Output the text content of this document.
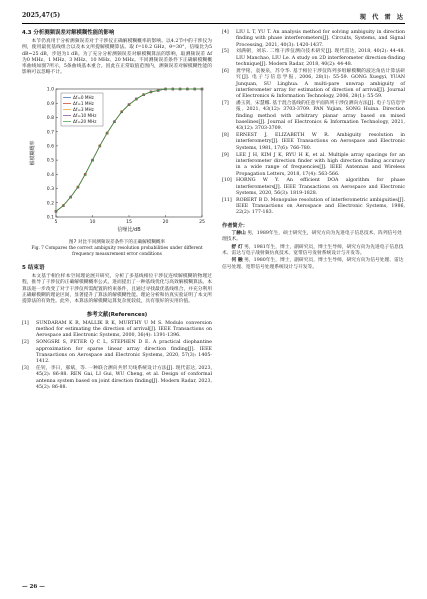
2025,47(5)	现 代 雷 达
4.3 分析测频误差对解模糊性能的影响

本节仍真用于分析测频误差对于干涉仪正确解模糊概率的影响。以4.2节中的干涉仪为例，使用最优基线组合以及本文所提解模糊算法。取 f=10.2 GHz，θ=30°，信噪比为5 dB~25 dB，步进为1 dB。为了充分分析测频误差对解模糊算法的影响，取测频误差 Δf 为0 MHz、1 MHz、3 MHz、10 MHz、20 MHz。不同测频误差条件下正确解模糊概率曲线如图7所示，5条曲线基本重合。因此在正常取值范围内，测频误差对解模糊性能的影响可以忽略不计。

5	10	15	20	25
0.1
0.2
0.3
0.4
0.5
0.6
0.7
0.8
0.9
1.0
信噪比/dB
解模糊概率
Δf=0 MHz
Δf=1 MHz
Δf=3 MHz
Δf=10 MHz
Δf=20 MHz
图7 对比不同测频误差条件下的正确解模糊概率
Fig. 7 Compares the correct ambiguity resolution probabilities under different frequency measurement error conditions
5 结束语

本文基于相位样本空间理论展开研究，分析了多基线相位干涉仪连续解模糊的物理过程，推导了干涉仪的正确解模糊概率公式，进而提出了一种基线优化与高效解模糊算法。本算法进一步改变了对于干涉仪所需配置的约束条件，且通过寻找最优基线组合，并充分利用正确解模糊的理论区间，显著提升了算法的解模糊性能。理论分析和仿真实验证明了本文所提算法的有效性。此外，本算法的解模糊运算复杂度较低，具有很好的实用价值。

参考文献(References)
[1]	SUNDARAM K R, MALLIK R K, MURTHY U M S. Modulo conversion method for estimating the direction of arrival[J]. IEEE Transactions on Aerospace and Electronic Systems, 2000, 36(4): 1391-1396.
[2]	SONGSRI S, PETER Q C L, STEPHEN D E. A practical diophantine approximation for sparse linear array direction finding[J]. IEEE Transactions on Aerospace and Electronic Systems, 2020, 57(3): 1405-1412.
[3]	任钊，李日，郝斌，等. 一种联合测向共形天线系统设计方法[J]. 现代雷达, 2023, 45(2): 86-88. REN Gai, LI Gui, WU Cheng, et al. Design of conformal antenna system based on joint direction finding[J]. Modern Radar, 2023, 45(2): 86-88.
[4]	LIU L T, YU T. An analysis method for solving ambiguity in direction finding with phase interferometers[J]. Circuits, Systems, and Signal Processing, 2021, 40(3): 1420-1437.
[5]	刘满朝，刘乐. 二维干涉仪测向技术研究[J]. 现代雷达, 2018, 40(2): 44-48. LIU Manchao, LIU Le. A study on 2D interferometer direction-finding technique[J]. Modern Radar, 2018, 40(2): 44-48.
[6]	龚学铭，袁俊泉，苏令华. 基于相位干涉仪阵列多组解模糊的波达角估计算法研究[J]. 电子与信息学报, 2006, 28(1): 55-59. GONG Xuegyi, YUAN Junquan, SU Linghua. A multi-pare unwrap ambiguity of interferometer array for estimation of direction of arrival[J]. Journal of Electronics & Information Technology, 2006, 28(1): 55-59.
[7]	潘玉剑，宋慧娜. 基于混合基线的任意平面阵列干涉仪测向方法[J]. 电子与信息学报, 2021, 43(12): 3703-3709. PAN Yujian, SONG Huina. Direction finding method with arbitrary planar array based on mixed baselines[J]. Journal of Electronics & Information Technology, 2021, 43(12): 3703-3709.
[8]	ERNEST J, ELIZABETH W R. Ambiguity resolution in interferometry[J]. IEEE Transactions on Aerospace and Electronic Systems, 1981, 17(6): 766-780.
[9]	LEE J H, KIM J K, RYU H K, et al. Multiple array spacings for an interferometer direction finder with high direction finding accuracy in a wide range of frequencies[J]. IEEE Antennas and Wireless Propagation Letters, 2018, 17(4): 563-566.
[10] HORNG W Y. An efficient DOA algorithm for phase interferometers[J]. IEEE Transactions on Aerospace and Electronic Systems, 2020, 56(3): 1819-1828.
[11] ROBERT B D. Monopulse resolution of interferometric ambiguities[J]. IEEE Transactions on Aerospace and Electronic Systems, 1986, 22(2): 177-183.
作者简介：

丁赫山 男，1989年生，硕士研究生，研究方向为先进电子信息技术、阵列信号处理技术。

舒 灯 男，1981年生，博士，副研究员，博士生导师，研究方向为先进电子信息技术、雷达与电子战射频仿真技术、宽带信号发射系统设计与开发等。

何 融 男，1980年生，博士，副研究员，博士生导师，研究方向为信号处理、雷达信号处理、宽带信号处理系统设计与开发等。

— 26 —
